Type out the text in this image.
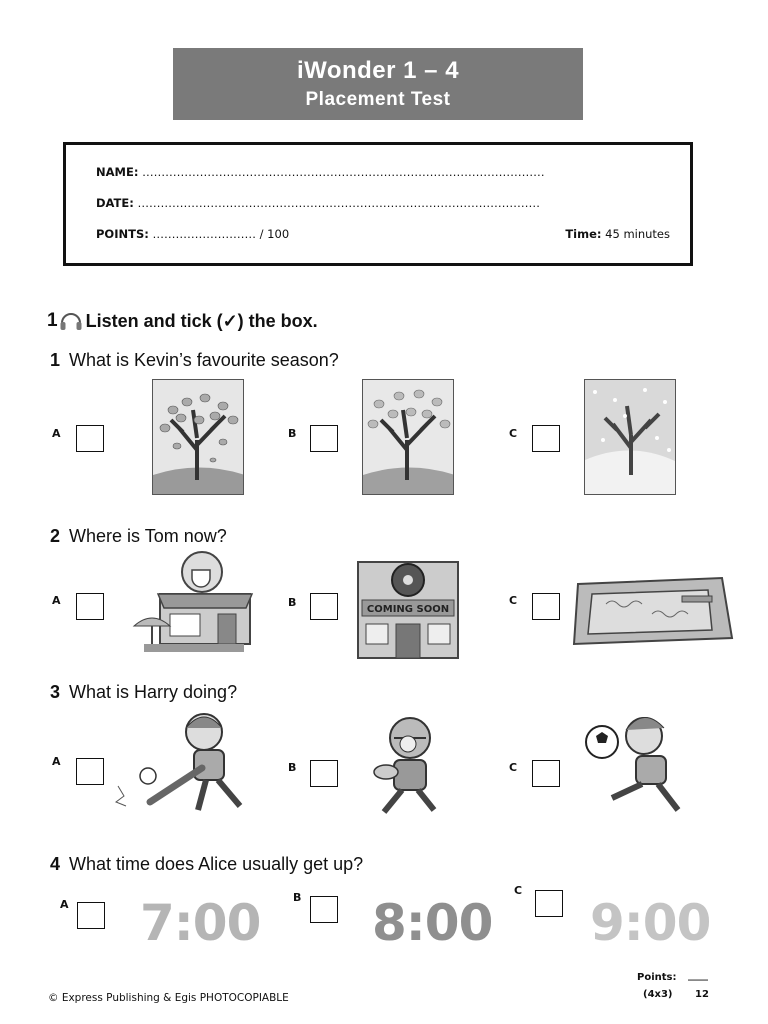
iWonder 1 – 4
Placement Test
NAME: ……………………………………………………………………………………………
DATE: ……………………………………………………………………………………………
POINTS: ……………………… / 100	Time: 45 minutes
1 Listen and tick (✓) the box.
1 What is Kevin’s favourite season?
A	B	C
2 Where is Tom now?
A	B
COMING SOON
C
3 What is Harry doing?
A	B	C
4 What time does Alice usually get up?
A 7:00	B 8:00
C
9:00
© Express Publishing & Egis PHOTOCOPIABLE
Points: ____
(4x3) 12
